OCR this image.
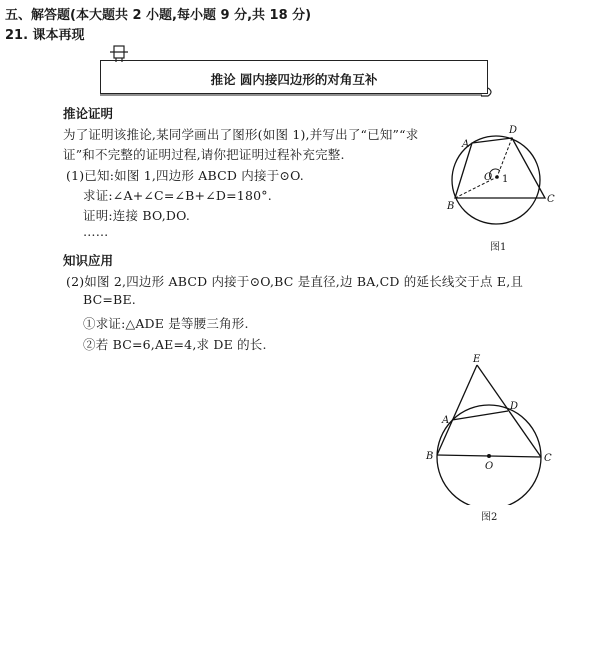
五、解答题(本大题共 2 小题,每小题 9 分,共 18 分)
21. 课本再现
推论 圆内接四边形的对角互补
推论证明
为了证明该推论,某同学画出了图形(如图 1),并写出了“已知”“求
证”和不完整的证明过程,请你把证明过程补充完整.
(1)已知:如图 1,四边形 ABCD 内接于⊙O.
求证:∠A+∠C=∠B+∠D=180°.
证明:连接 BO,DO.
……
A
D
O 1
B
C
图1
知识应用
(2)如图 2,四边形 ABCD 内接于⊙O,BC 是直径,边 BA,CD 的延长线交于点 E,且
BC=BE.
①求证:△ADE 是等腰三角形.
②若 BC=6,AE=4,求 DE 的长.
E
A
D
B
O
C
图2
